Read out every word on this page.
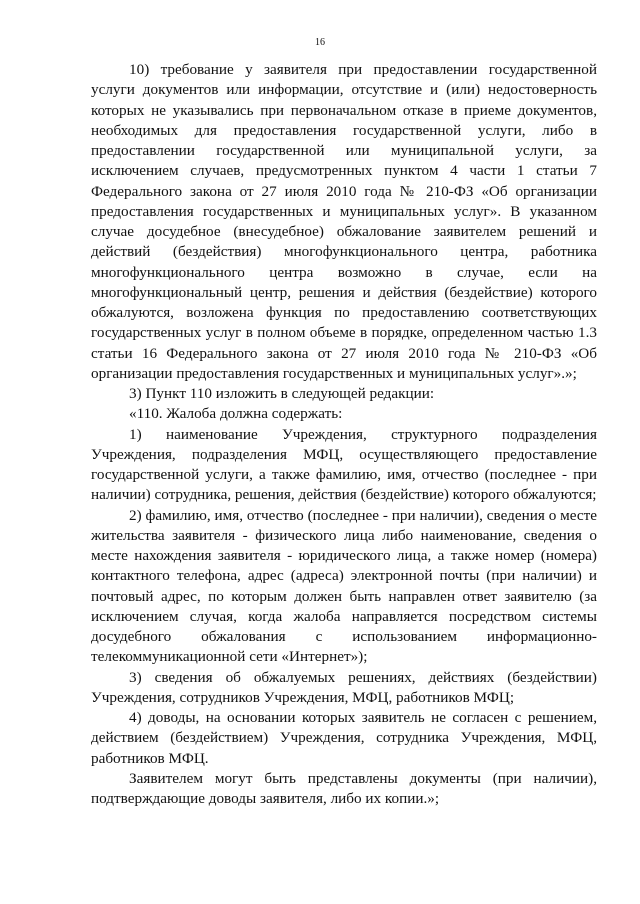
16

10) требование у заявителя при предоставлении государственной услуги документов или информации, отсутствие и (или) недостоверность которых не указывались при первоначальном отказе в приеме документов, необходимых для предоставления государственной услуги, либо в предоставлении государственной или муниципальной услуги, за исключением случаев, предусмотренных пунктом 4 части 1 статьи 7 Федерального закона от 27 июля 2010 года № 210-ФЗ «Об организации предоставления государственных и муниципальных услуг». В указанном случае досудебное (внесудебное) обжалование заявителем решений и действий (бездействия) многофункционального центра, работника многофункционального центра возможно в случае, если на многофункциональный центр, решения и действия (бездействие) которого обжалуются, возложена функция по предоставлению соответствующих государственных услуг в полном объеме в порядке, определенном частью 1.3 статьи 16 Федерального закона от 27 июля 2010 года № 210-ФЗ «Об организации предоставления государственных и муниципальных услуг».»;

3) Пункт 110 изложить в следующей редакции:

«110. Жалоба должна содержать:

1) наименование Учреждения, структурного подразделения Учреждения, подразделения МФЦ, осуществляющего предоставление государственной услуги, а также фамилию, имя, отчество (последнее - при наличии) сотрудника, решения, действия (бездействие) которого обжалуются;

2) фамилию, имя, отчество (последнее - при наличии), сведения о месте жительства заявителя - физического лица либо наименование, сведения о месте нахождения заявителя - юридического лица, а также номер (номера) контактного телефона, адрес (адреса) электронной почты (при наличии) и почтовый адрес, по которым должен быть направлен ответ заявителю (за исключением случая, когда жалоба направляется посредством системы досудебного обжалования с использованием информационно-телекоммуникационной сети «Интернет»);

3) сведения об обжалуемых решениях, действиях (бездействии) Учреждения, сотрудников Учреждения, МФЦ, работников МФЦ;

4) доводы, на основании которых заявитель не согласен с решением, действием (бездействием) Учреждения, сотрудника Учреждения, МФЦ, работников МФЦ.

Заявителем могут быть представлены документы (при наличии), подтверждающие доводы заявителя, либо их копии.»;
